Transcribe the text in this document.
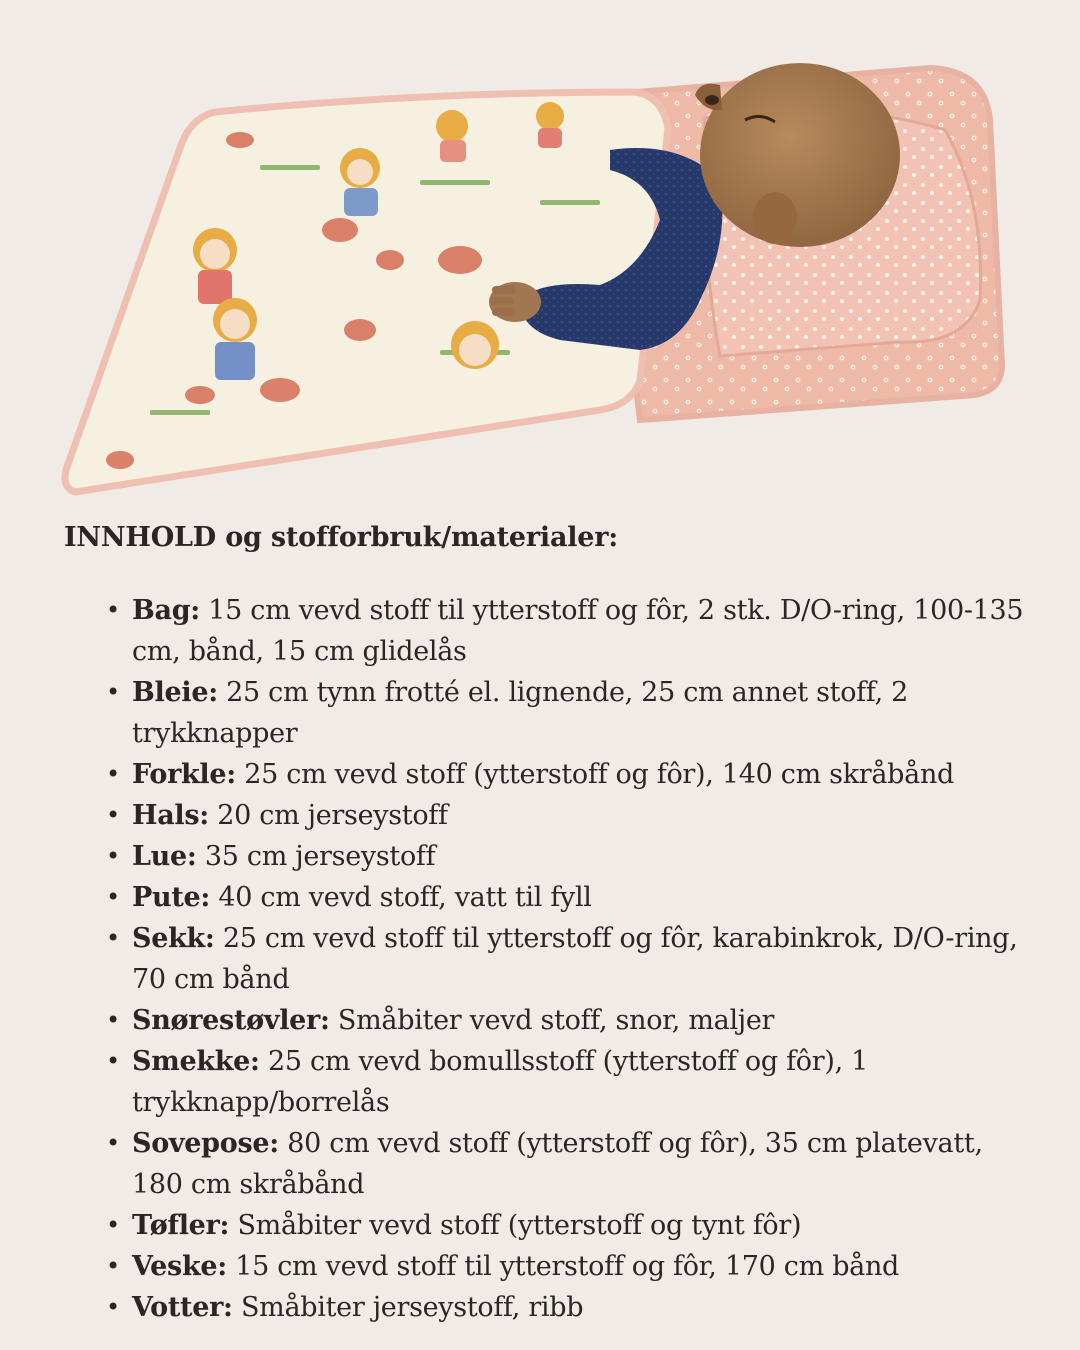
INNHOLD og stofforbruk/materialer:
• Bag: 15 cm vevd stoff til ytterstoff og fôr, 2 stk. D/O-ring, 100-135 cm, bånd, 15 cm glidelås
• Bleie: 25 cm tynn frotté el. lignende, 25 cm annet stoff, 2 trykknapper
• Forkle: 25 cm vevd stoff (ytterstoff og fôr), 140 cm skråbånd
• Hals: 20 cm jerseystoff
• Lue: 35 cm jerseystoff
• Pute: 40 cm vevd stoff, vatt til fyll
• Sekk: 25 cm vevd stoff til ytterstoff og fôr, karabinkrok, D/O-ring, 70 cm bånd
• Snørestøvler: Småbiter vevd stoff, snor, maljer
• Smekke: 25 cm vevd bomullsstoff (ytterstoff og fôr), 1 trykknapp/borrelås
• Sovepose: 80 cm vevd stoff (ytterstoff og fôr), 35 cm platevatt, 180 cm skråbånd
• Tøfler: Småbiter vevd stoff (ytterstoff og tynt fôr)
• Veske: 15 cm vevd stoff til ytterstoff og fôr, 170 cm bånd
• Votter: Småbiter jerseystoff, ribb
